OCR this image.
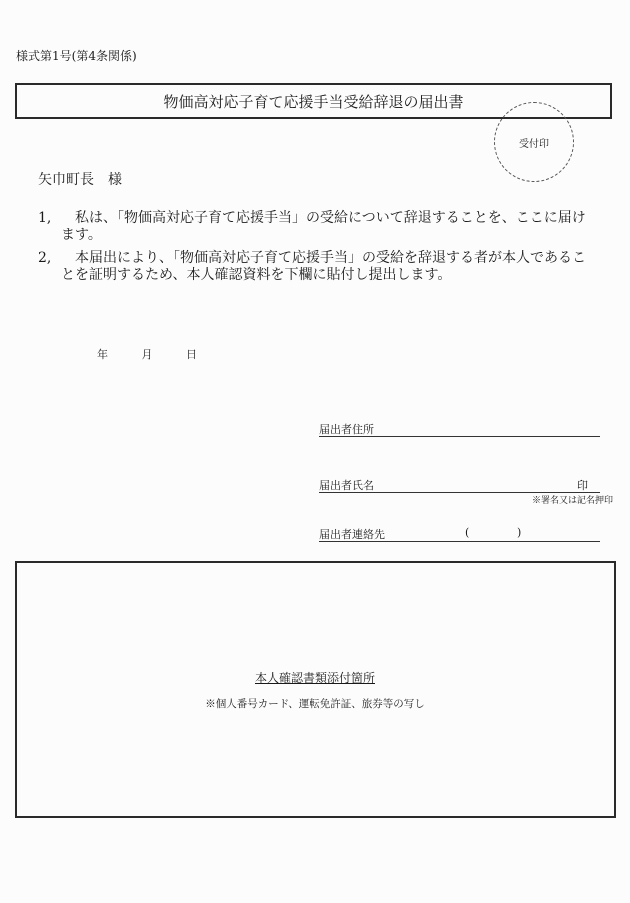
様式第1号(第4条関係)
物価高対応子育て応援手当受給辞退の届出書
受付印
矢巾町長　様
1,	私は、「物価高対応子育て応援手当」の受給について辞退することを、ここに届けます。
2,	本届出により、「物価高対応子育て応援手当」の受給を辞退する者が本人であることを証明するため、本人確認資料を下欄に貼付し提出します。
年	月	日
届出者住所
届出者氏名	印
※署名又は記名押印
届出者連絡先	(	)
本人確認書類添付箇所
※個人番号カード、運転免許証、旅券等の写し
